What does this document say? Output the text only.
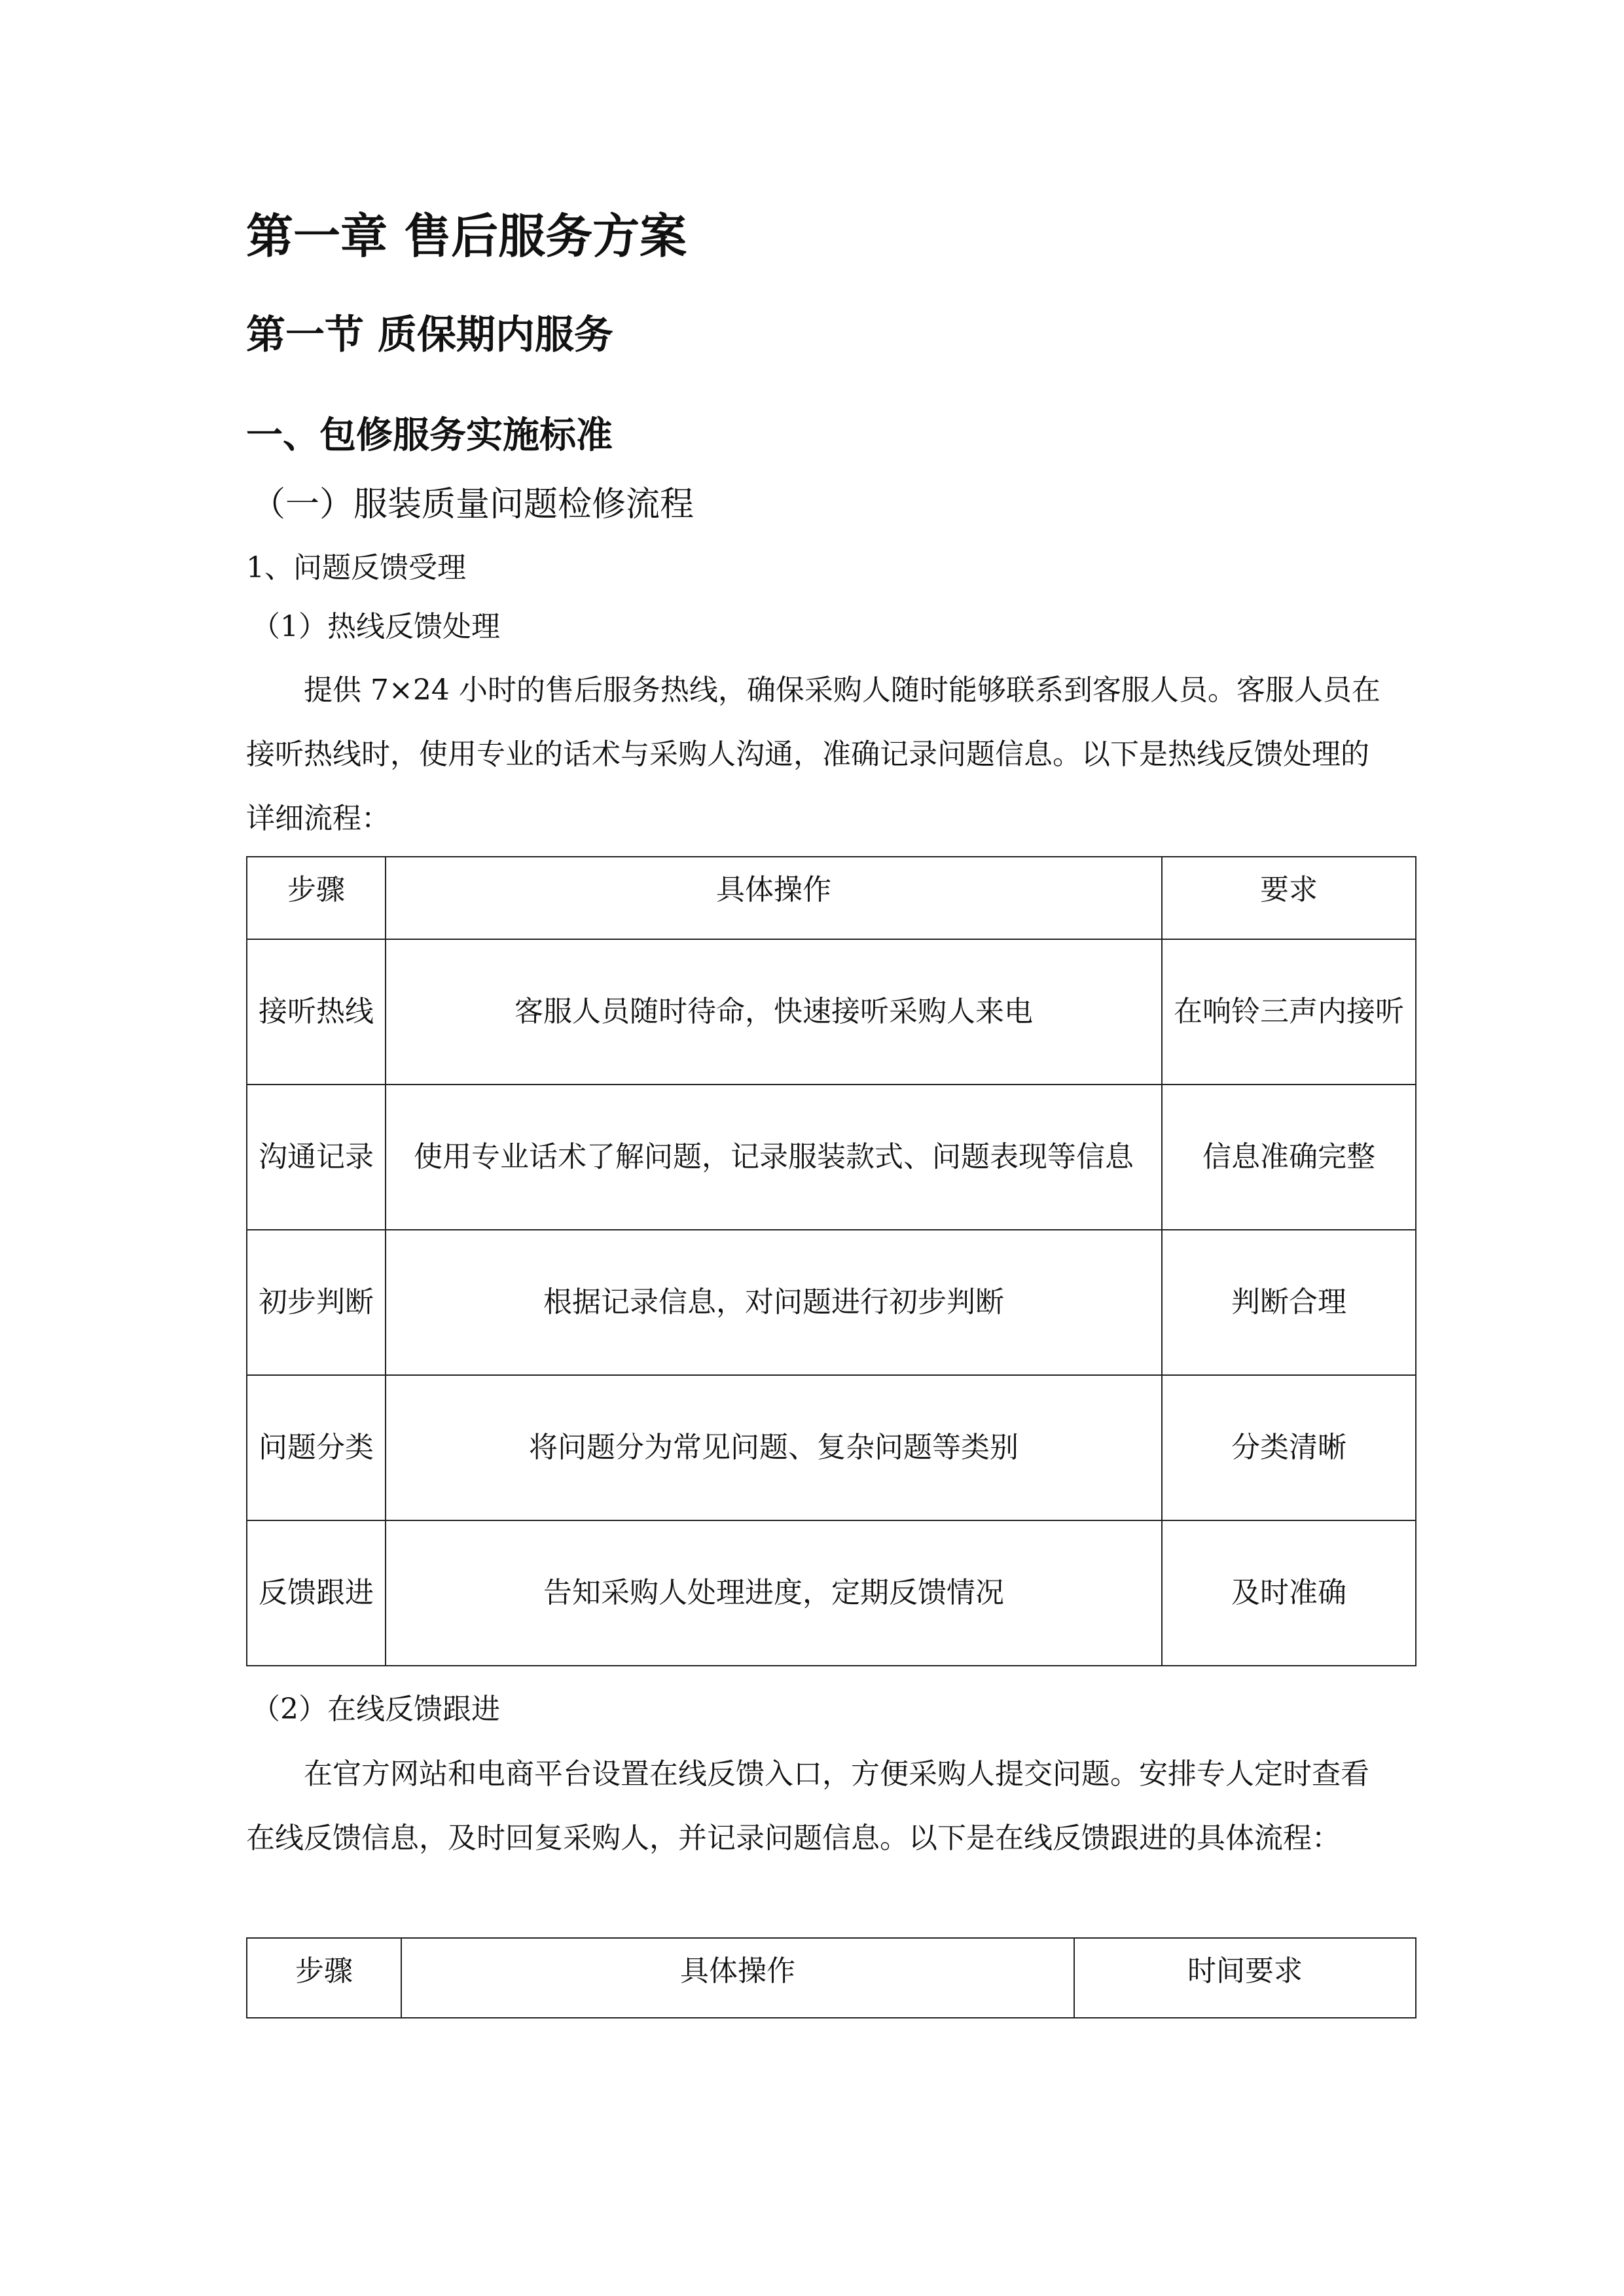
第一章 售后服务方案
第一节 质保期内服务
一、包修服务实施标准
（一）服装质量问题检修流程
1、问题反馈受理
（1）热线反馈处理

提供 7×24 小时的售后服务热线，确保采购人随时能够联系到客服人员。客服人员在接听热线时，使用专业的话术与采购人沟通，准确记录问题信息。以下是热线反馈处理的详细流程：

步骤	具体操作	要求
接听热线	客服人员随时待命，快速接听采购人来电	在响铃三声内接听
沟通记录	使用专业话术了解问题，记录服装款式、问题表现等信息	信息准确完整
初步判断	根据记录信息，对问题进行初步判断	判断合理
问题分类	将问题分为常见问题、复杂问题等类别	分类清晰
反馈跟进	告知采购人处理进度，定期反馈情况	及时准确
（2）在线反馈跟进

在官方网站和电商平台设置在线反馈入口，方便采购人提交问题。安排专人定时查看在线反馈信息，及时回复采购人，并记录问题信息。以下是在线反馈跟进的具体流程：

步骤	具体操作	时间要求
